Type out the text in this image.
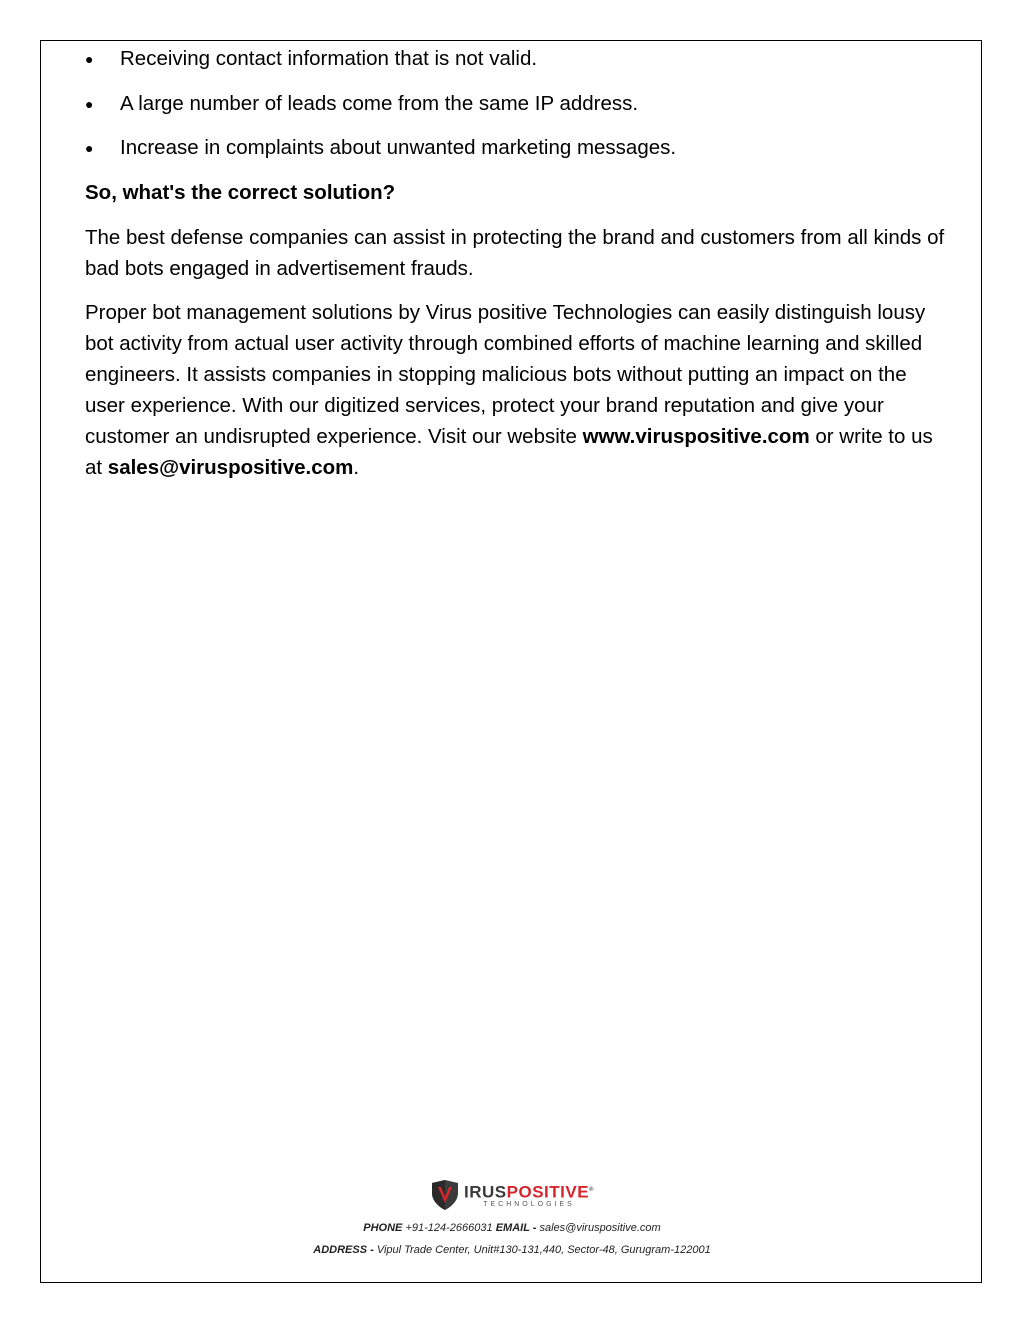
● Receiving contact information that is not valid.
● A large number of leads come from the same IP address.
● Increase in complaints about unwanted marketing messages.

So, what's the correct solution?

The best defense companies can assist in protecting the brand and customers from all kinds of bad bots engaged in advertisement frauds.

Proper bot management solutions by Virus positive Technologies can easily distinguish lousy bot activity from actual user activity through combined efforts of machine learning and skilled engineers. It assists companies in stopping malicious bots without putting an impact on the user experience. With our digitized services, protect your brand reputation and give your customer an undisrupted experience. Visit our website www.viruspositive.com or write to us at sales@viruspositive.com.

IRUSPOSITIVE®
TECHNOLOGIES
PHONE +91-124-2666031 EMAIL - sales@viruspositive.com
ADDRESS - Vipul Trade Center, Unit#130-131,440, Sector-48, Gurugram-122001
